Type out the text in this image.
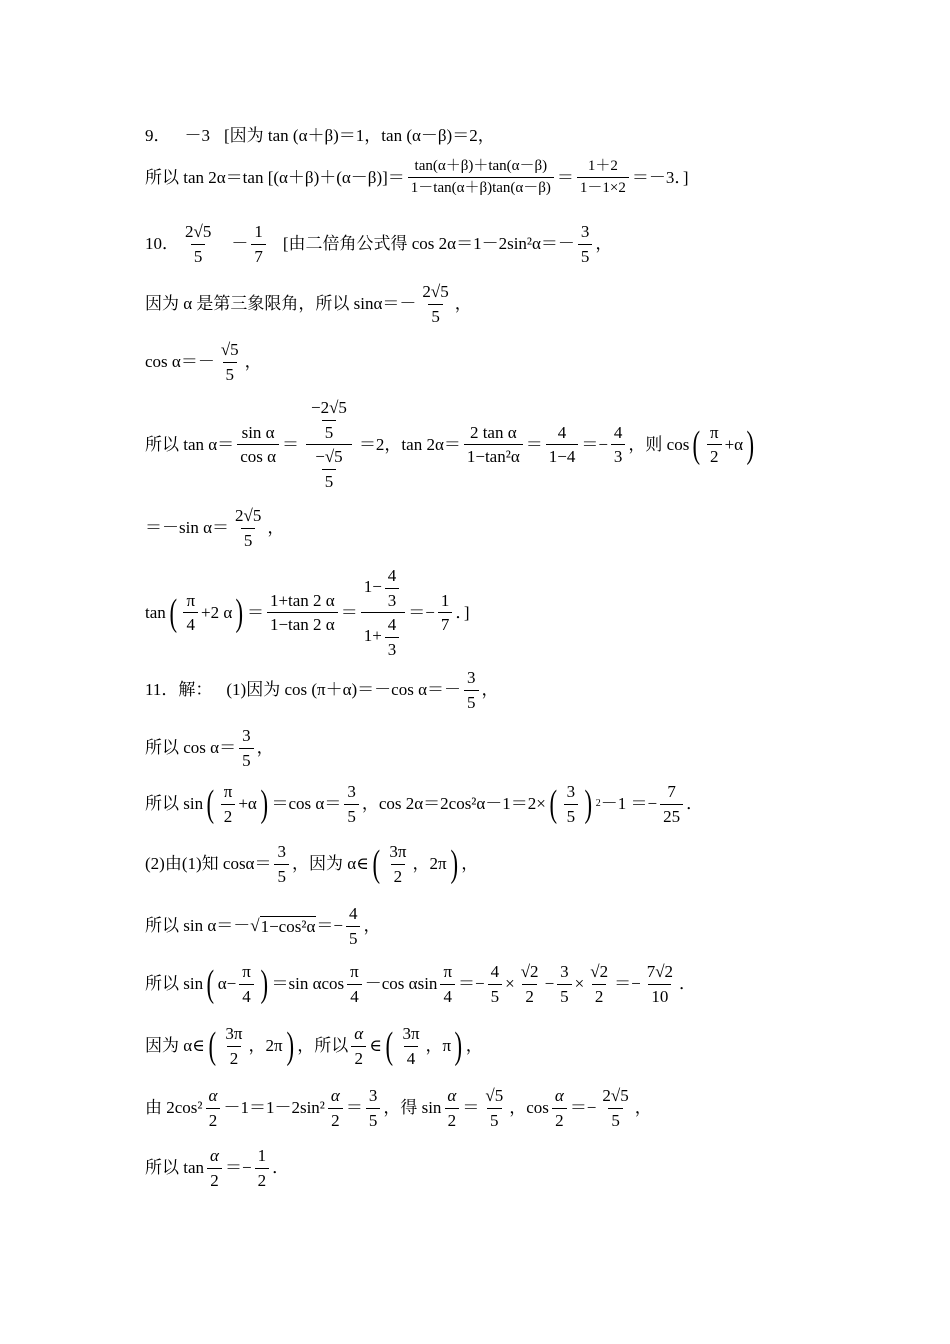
9． －3 [因为 tan (α＋β)＝1，tan (α－β)＝2，
所以 tan 2α＝tan [(α＋β)＋(α－β)]＝
tan(α＋β)＋tan(α－β)
1－tan(α＋β)tan(α－β)
＝
1＋2
1－1×2
＝－3．]
10．
2√5
5
－
1
7
[由二倍角公式得 cos 2α＝1－2sin²α＝－
3
5
，
因为 α 是第三象限角，所以 sinα＝－
2√5
5
，
cos α＝－
√5
5
，
所以 tan α＝
sin α
cos α
＝
$\frac{-2√5}{5}$
$\frac{-√5}{5}$
＝2，tan 2α＝
2 tan α
1−tan²α
＝
4
1−4
＝− $\frac{4}{3}$ ，则 cos ( π
2
+α )
＝－sin α＝
2√5
5
，
tan ( π
4
+2 α ) ＝
1+tan 2 α
1−tan 2 α
＝
$1- \frac{4}{3}$
$1+ \frac{4}{3}$
＝− $\frac{1}{7}$ ．]
11．解： (1)因为 cos (π＋α)＝－cos α＝－
3
5
，
所以 cos α＝
3
5
，
所以 sin ( π
2
+α ) ＝cos α＝
3
5
，cos 2α＝2cos²α－1＝2× ( 3
5 ) $2 -1 =- \frac{7}{25}$ ．
(2)由(1)知 cosα＝
3
5
，因为 α∈ ( 3π
2
，2π ) ，
所以 sin α＝－ √ $1-\cos^2\alpha =- \frac{4}{5}$ ，
所以 sin ( $\alpha- \frac{\pi}{4}$ ) ＝sin αcos
π
4
－cos αsin
π
4
＝− $\frac{4}{5} \times \frac{√2}{2} - \frac{3}{5} \times \frac{√2}{2} =- \frac{7√2}{10}$ ．
因为 α∈ ( 3π
2
，2π ) ，所以
α
2
∈ ( 3π
4
，π ) ，
由 2cos²
α
2
－1＝1－2sin²
α
2
＝
3
5
，得 sin
α
2
＝
√5
5
，cos
α
2
＝− $\frac{2√5}{5}$ ，
所以 tan
α
2
＝− $\frac{1}{2}$ ．
